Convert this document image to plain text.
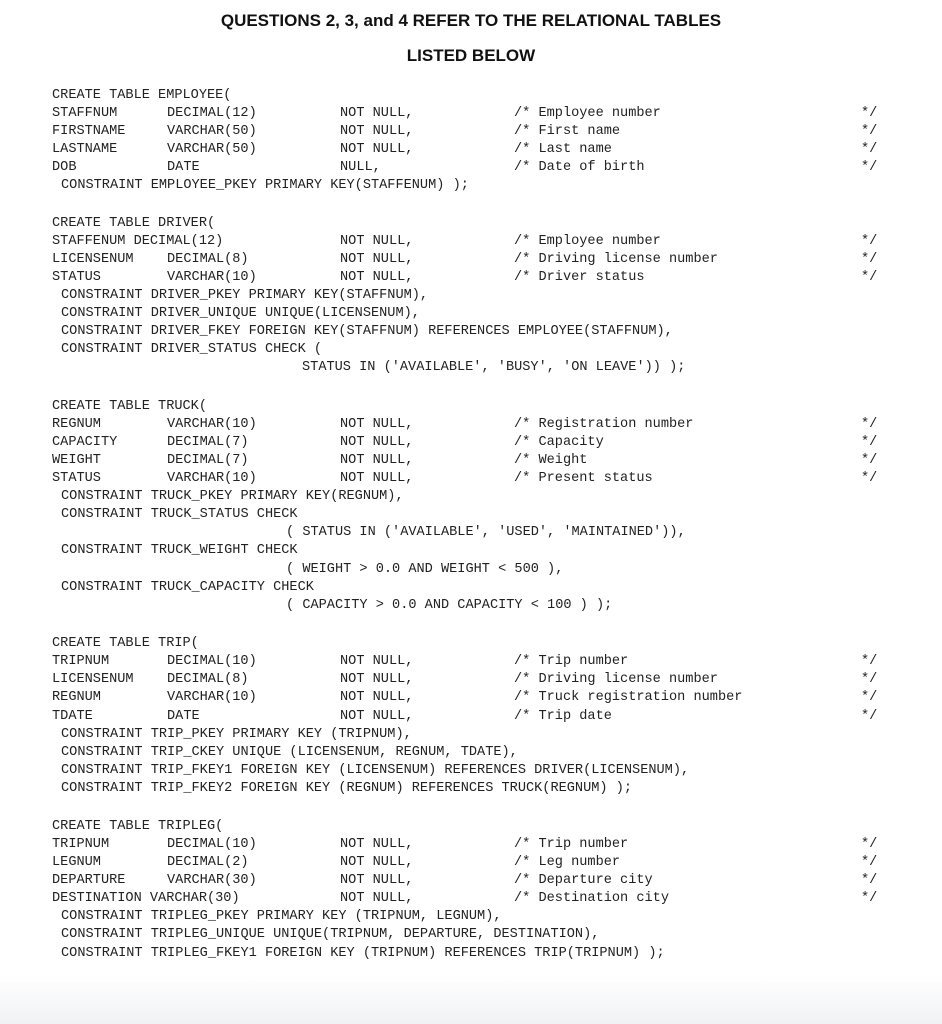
QUESTIONS 2, 3, and 4 REFER TO THE RELATIONAL TABLES
LISTED BELOW
CREATE TABLE EMPLOYEE(
STAFFNUM	DECIMAL(12)	NOT NULL,	/* Employee number	*/
FIRSTNAME	VARCHAR(50)	NOT NULL,	/* First name	*/
LASTNAME	VARCHAR(50)	NOT NULL,	/* Last name	*/
DOB	DATE	NULL,	/* Date of birth	*/
CONSTRAINT EMPLOYEE_PKEY PRIMARY KEY(STAFFENUM) );
CREATE TABLE DRIVER(
STAFFENUM DECIMAL(12)	NOT NULL,	/* Employee number	*/
LICENSENUM DECIMAL(8)	NOT NULL,	/* Driving license number	*/
STATUS	VARCHAR(10)	NOT NULL,	/* Driver status	*/
CONSTRAINT DRIVER_PKEY PRIMARY KEY(STAFFNUM),
CONSTRAINT DRIVER_UNIQUE UNIQUE(LICENSENUM),
CONSTRAINT DRIVER_FKEY FOREIGN KEY(STAFFNUM) REFERENCES EMPLOYEE(STAFFNUM),
CONSTRAINT DRIVER_STATUS CHECK (
STATUS IN ('AVAILABLE', 'BUSY', 'ON LEAVE')) );
CREATE TABLE TRUCK(
REGNUM	VARCHAR(10)	NOT NULL,	/* Registration number	*/
CAPACITY	DECIMAL(7)	NOT NULL,	/* Capacity	*/
WEIGHT	DECIMAL(7)	NOT NULL,	/* Weight	*/
STATUS	VARCHAR(10)	NOT NULL,	/* Present status	*/
CONSTRAINT TRUCK_PKEY PRIMARY KEY(REGNUM),
CONSTRAINT TRUCK_STATUS CHECK
( STATUS IN ('AVAILABLE', 'USED', 'MAINTAINED')),
CONSTRAINT TRUCK_WEIGHT CHECK
( WEIGHT > 0.0 AND WEIGHT < 500 ),
CONSTRAINT TRUCK_CAPACITY CHECK
( CAPACITY > 0.0 AND CAPACITY < 100 ) );
CREATE TABLE TRIP(
TRIPNUM	DECIMAL(10)	NOT NULL,	/* Trip number	*/
LICENSENUM DECIMAL(8)	NOT NULL,	/* Driving license number	*/
REGNUM	VARCHAR(10)	NOT NULL,	/* Truck registration number	*/
TDATE	DATE	NOT NULL,	/* Trip date	*/
CONSTRAINT TRIP_PKEY PRIMARY KEY (TRIPNUM),
CONSTRAINT TRIP_CKEY UNIQUE (LICENSENUM, REGNUM, TDATE),
CONSTRAINT TRIP_FKEY1 FOREIGN KEY (LICENSENUM) REFERENCES DRIVER(LICENSENUM),
CONSTRAINT TRIP_FKEY2 FOREIGN KEY (REGNUM) REFERENCES TRUCK(REGNUM) );
CREATE TABLE TRIPLEG(
TRIPNUM	DECIMAL(10)	NOT NULL,	/* Trip number	*/
LEGNUM	DECIMAL(2)	NOT NULL,	/* Leg number	*/
DEPARTURE	VARCHAR(30)	NOT NULL,	/* Departure city	*/
DESTINATION VARCHAR(30)	NOT NULL,	/* Destination city	*/
CONSTRAINT TRIPLEG_PKEY PRIMARY KEY (TRIPNUM, LEGNUM),
CONSTRAINT TRIPLEG_UNIQUE UNIQUE(TRIPNUM, DEPARTURE, DESTINATION),
CONSTRAINT TRIPLEG_FKEY1 FOREIGN KEY (TRIPNUM) REFERENCES TRIP(TRIPNUM) );
